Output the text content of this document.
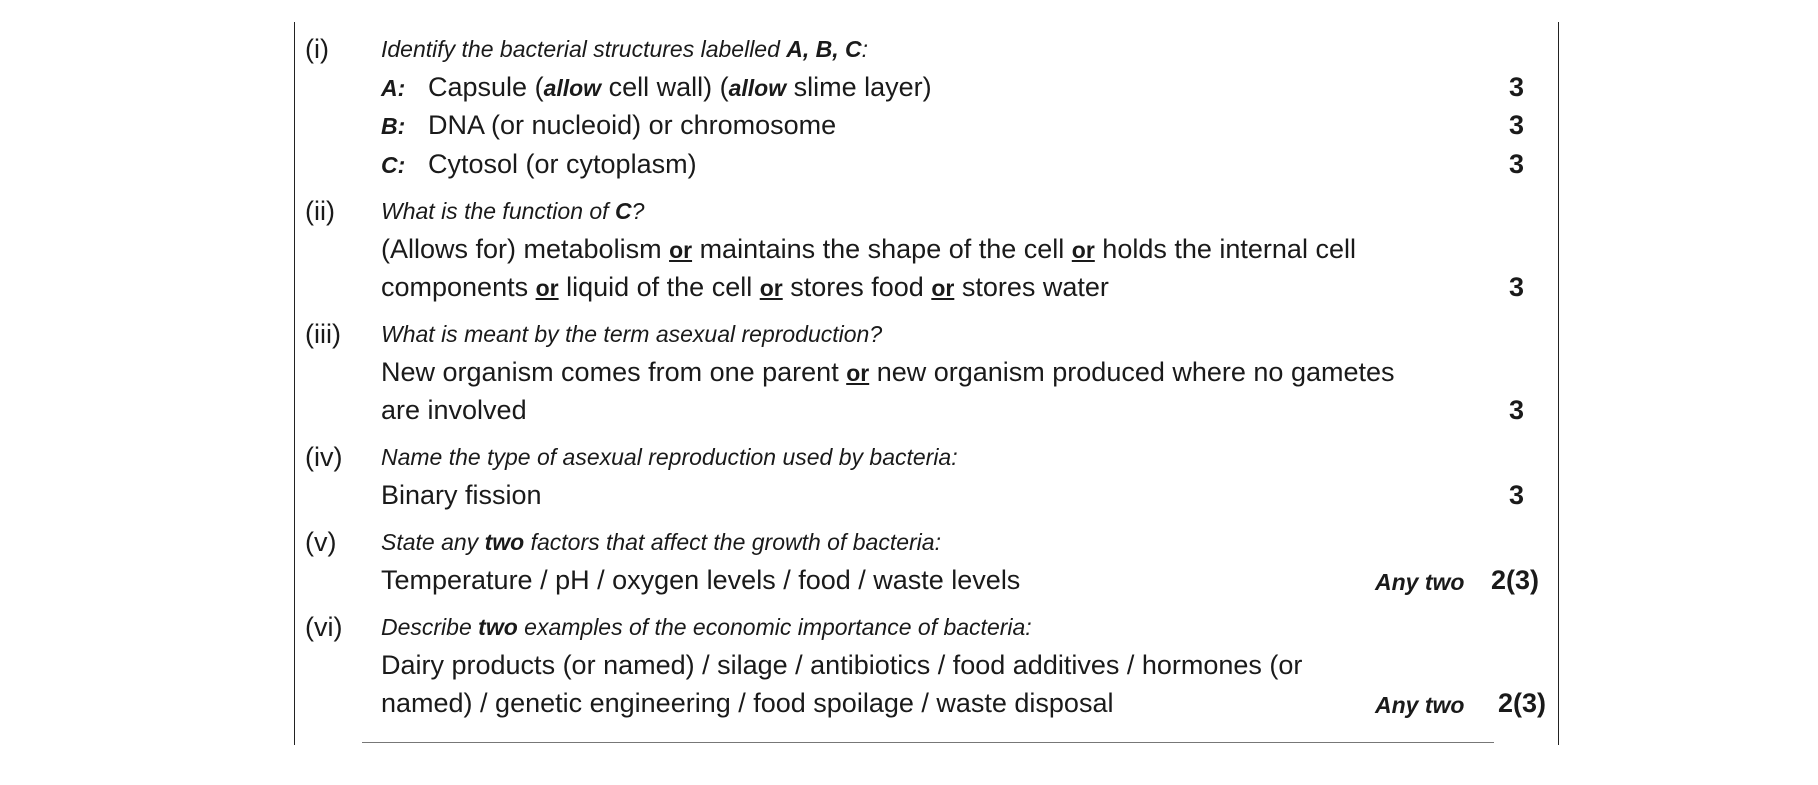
(i) Identify the bacterial structures labelled A, B, C:
A: Capsule (allow cell wall) (allow slime layer)	3
B: DNA (or nucleoid) or chromosome	3
C: Cytosol (or cytoplasm)	3
(ii) What is the function of C?
(Allows for) metabolism or maintains the shape of the cell or holds the internal cell
components or liquid of the cell or stores food or stores water	3
(iii) What is meant by the term asexual reproduction?
New organism comes from one parent or new organism produced where no gametes
are involved	3
(iv) Name the type of asexual reproduction used by bacteria:
Binary fission	3
(v) State any two factors that affect the growth of bacteria:
Temperature / pH / oxygen levels / food / waste levels	Any two 2(3)
(vi) Describe two examples of the economic importance of bacteria:
Dairy products (or named) / silage / antibiotics / food additives / hormones (or
named) / genetic engineering / food spoilage / waste disposal	Any two 2(3)
